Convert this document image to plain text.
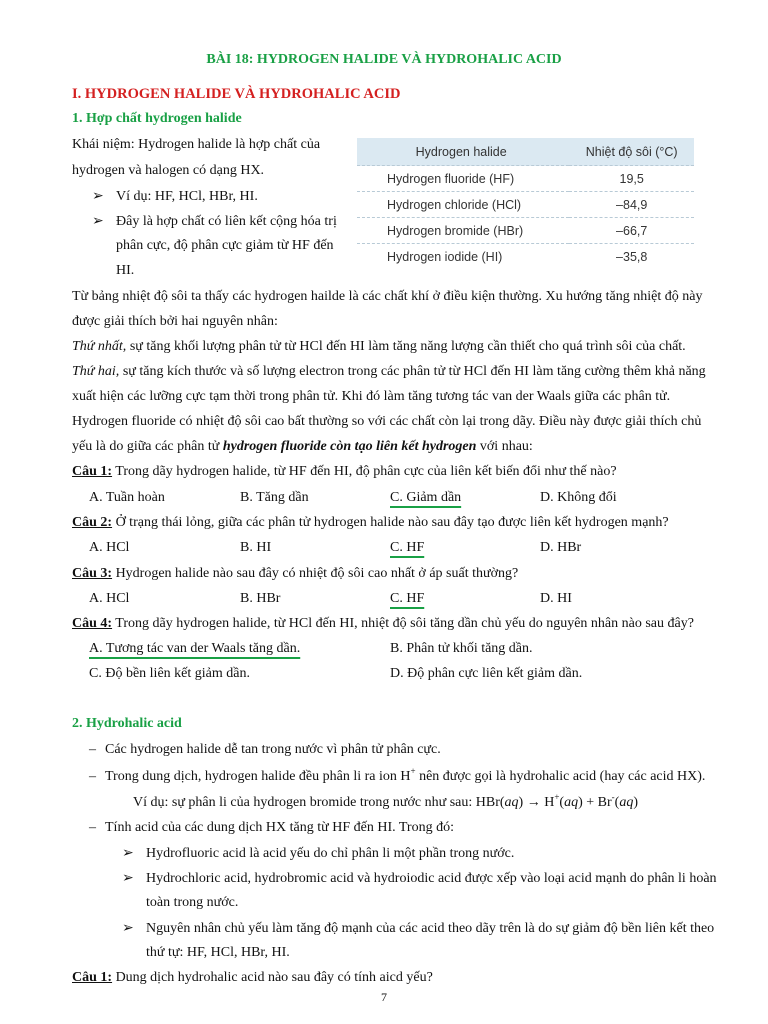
BÀI 18: HYDROGEN HALIDE VÀ HYDROHALIC ACID
I. HYDROGEN HALIDE VÀ HYDROHALIC ACID
1. Hợp chất hydrogen halide
Khái niệm: Hydrogen halide là hợp chất của
hydrogen và halogen có dạng HX.
➢ Ví dụ: HF, HCl, HBr, HI.
➢ Đây là hợp chất có liên kết cộng hóa trị
phân cực, độ phân cực giảm từ HF đến
HI.
Hydrogen halide	Nhiệt độ sôi (°C)
Hydrogen fluoride (HF)	19,5
Hydrogen chloride (HCl)	–84,9
Hydrogen bromide (HBr)	–66,7
Hydrogen iodide (HI)	–35,8
Từ bảng nhiệt độ sôi ta thấy các hydrogen hailde là các chất khí ở điều kiện thường. Xu hướng tăng nhiệt độ này
được giải thích bởi hai nguyên nhân:
Thứ nhất, sự tăng khối lượng phân tử từ HCl đến HI làm tăng năng lượng cần thiết cho quá trình sôi của chất.
Thứ hai, sự tăng kích thước và số lượng electron trong các phân tử từ HCl đến HI làm tăng cường thêm khả năng
xuất hiện các lưỡng cực tạm thời trong phân tử. Khi đó làm tăng tương tác van der Waals giữa các phân tử.
Hydrogen fluoride có nhiệt độ sôi cao bất thường so với các chất còn lại trong dãy. Điều này được giải thích chủ
yếu là do giữa các phân tử hydrogen fluoride còn tạo liên kết hydrogen với nhau:
Câu 1: Trong dãy hydrogen halide, từ HF đến HI, độ phân cực của liên kết biến đổi như thế nào?
A. Tuần hoàn	B. Tăng dần	C. Giảm dần	D. Không đổi
Câu 2: Ở trạng thái lỏng, giữa các phân tử hydrogen halide nào sau đây tạo được liên kết hydrogen mạnh?
A. HCl	B. HI	C. HF	D. HBr
Câu 3: Hydrogen halide nào sau đây có nhiệt độ sôi cao nhất ở áp suất thường?
A. HCl	B. HBr	C. HF	D. HI
Câu 4: Trong dãy hydrogen halide, từ HCl đến HI, nhiệt độ sôi tăng dần chủ yếu do nguyên nhân nào sau đây?
A. Tương tác van der Waals tăng dần.	B. Phân tử khối tăng dần.
C. Độ bền liên kết giảm dần.	D. Độ phân cực liên kết giảm dần.
2. Hydrohalic acid
– Các hydrogen halide dễ tan trong nước vì phân tử phân cực.
– Trong dung dịch, hydrogen halide đều phân li ra ion H+ nên được gọi là hydrohalic acid (hay các acid HX).
Ví dụ: sự phân li của hydrogen bromide trong nước như sau: HBr(aq) → H+(aq) + Br-(aq)
– Tính acid của các dung dịch HX tăng từ HF đến HI. Trong đó:
➢ Hydrofluoric acid là acid yếu do chỉ phân li một phần trong nước.
➢ Hydrochloric acid, hydrobromic acid và hydroiodic acid được xếp vào loại acid mạnh do phân li hoàn
toàn trong nước.
➢ Nguyên nhân chủ yếu làm tăng độ mạnh của các acid theo dãy trên là do sự giảm độ bền liên kết theo
thứ tự: HF, HCl, HBr, HI.
Câu 1: Dung dịch hydrohalic acid nào sau đây có tính aicd yếu?
7
